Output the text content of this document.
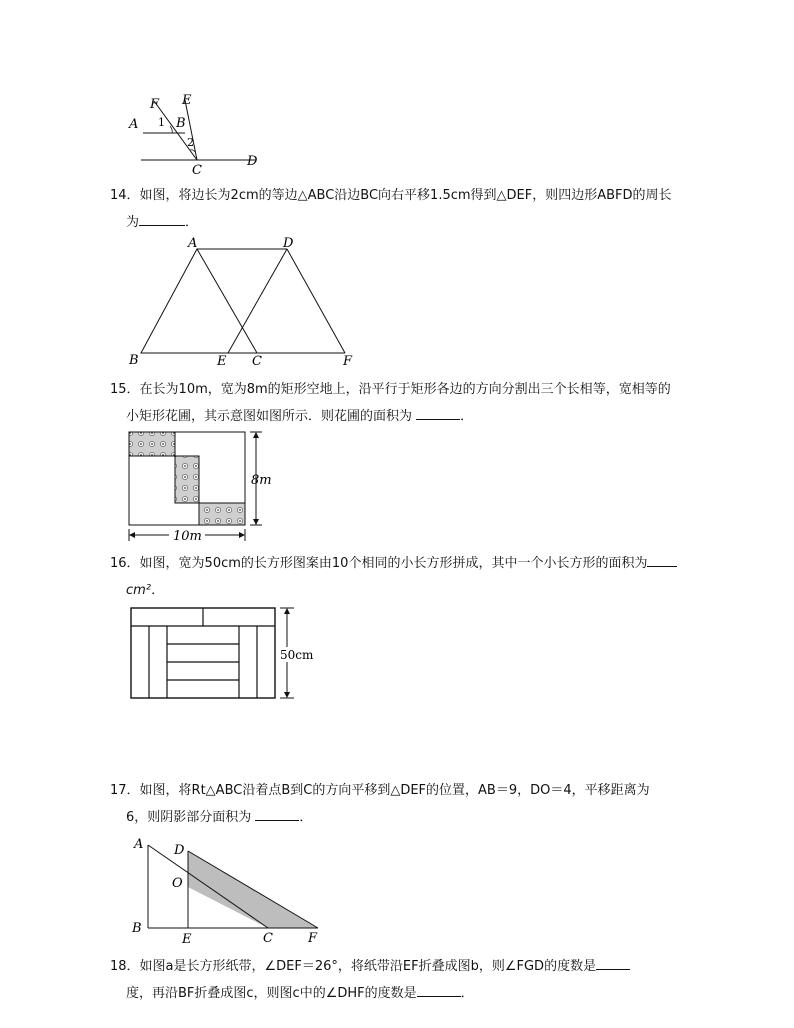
F E
A	B
1
2
C
D
14．如图，将边长为2cm的等边△ABC沿边BC向右平移1.5cm得到△DEF，则四边形ABFD的周长
为	．
A	D
B	E C	F
15．在长为10m，宽为8m的矩形空地上，沿平行于矩形各边的方向分割出三个长相等，宽相等的
小矩形花圃，其示意图如图所示．则花圃的面积为	．
8m
10m
16．如图，宽为50cm的长方形图案由10个相同的小长方形拼成，其中一个小长方形的面积为
cm²．
50cm
17．如图，将Rt△ABC沿着点B到C的方向平移到△DEF的位置，AB＝9，DO＝4，平移距离为
6，则阴影部分面积为	．
A D
O
B
E	C	F
18．如图a是长方形纸带，∠DEF＝26°，将纸带沿EF折叠成图b，则∠FGD的度数是
度，再沿BF折叠成图c，则图c中的∠DHF的度数是	．
